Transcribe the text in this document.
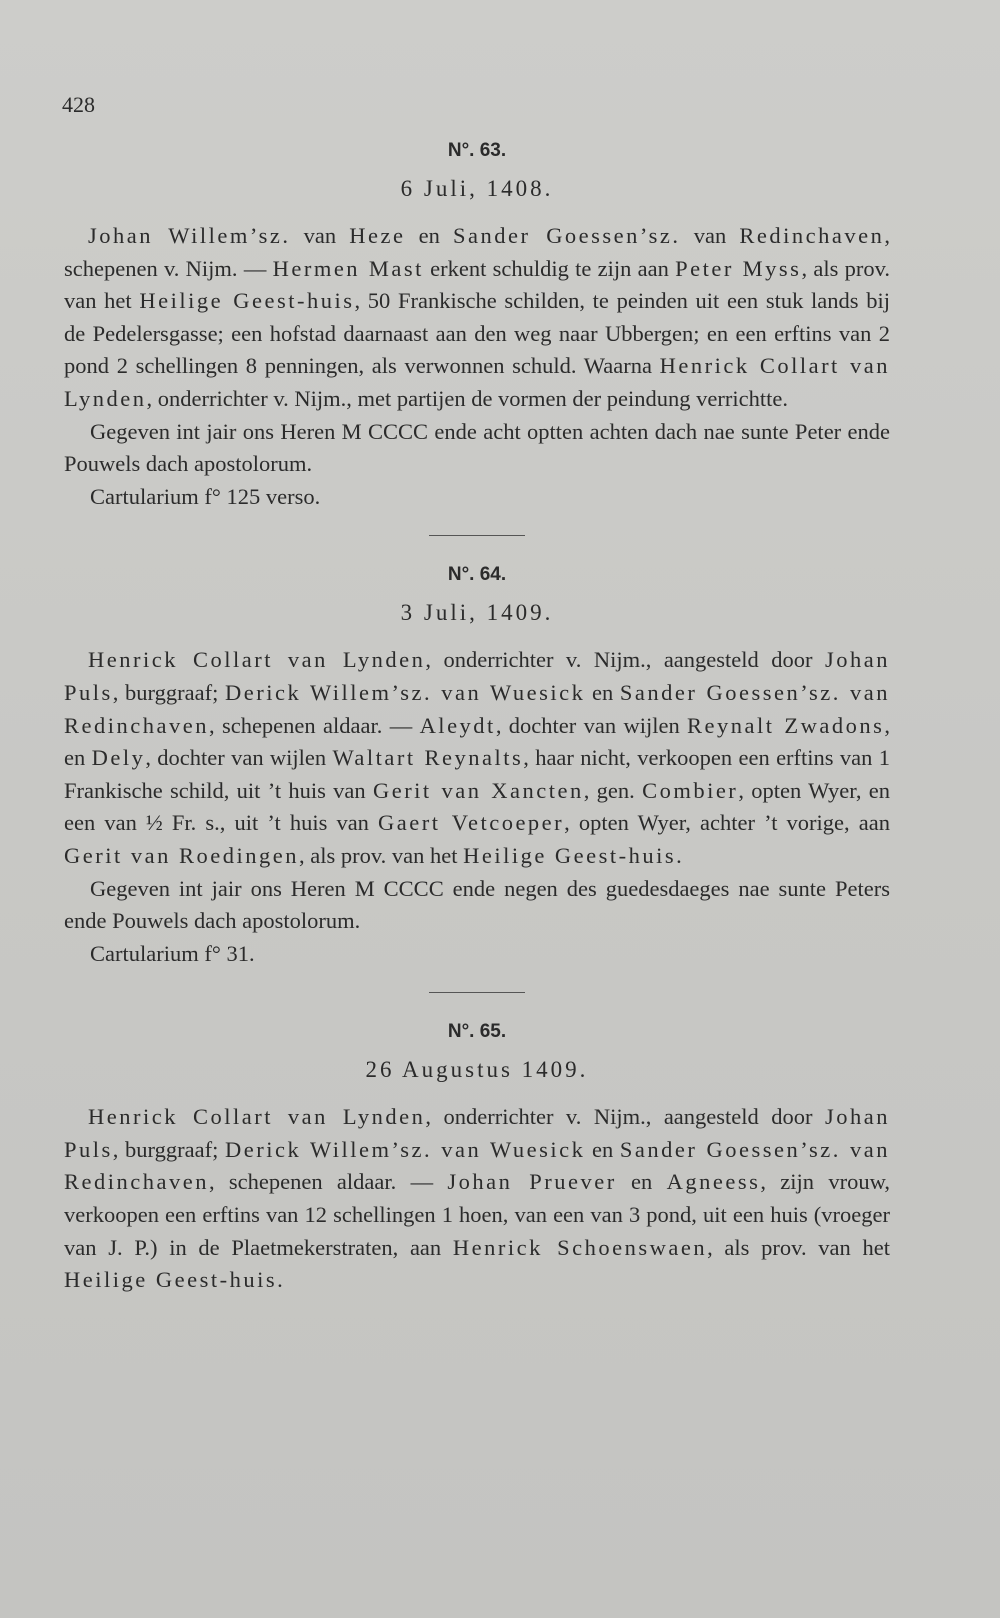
428
N°. 63.
6 Juli, 1408.

Johan Willem’sz. van Heze en Sander Goessen’sz. van Redinchaven, schepenen v. Nijm. — Hermen Mast erkent schuldig te zijn aan Peter Myss, als prov. van het Heilige Geest-huis, 50 Frankische schilden, te peinden uit een stuk lands bij de Pedelersgasse; een hofstad daarnaast aan den weg naar Ubbergen; en een erftins van 2 pond 2 schellingen 8 penningen, als verwonnen schuld. Waarna Henrick Collart van Lynden, onderrichter v. Nijm., met partijen de vormen der peindung verrichtte.

Gegeven int jair ons Heren M CCCC ende acht optten achten dach nae sunte Peter ende Pouwels dach apostolorum.

Cartularium f° 125 verso.

N°. 64.
3 Juli, 1409.

Henrick Collart van Lynden, onderrichter v. Nijm., aangesteld door Johan Puls, burggraaf; Derick Willem’sz. van Wuesick en Sander Goessen’sz. van Redinchaven, schepenen aldaar. — Aleydt, dochter van wijlen Reynalt Zwadons, en Dely, dochter van wijlen Waltart Reynalts, haar nicht, verkoopen een erftins van 1 Frankische schild, uit ’t huis van Gerit van Xancten, gen. Combier, opten Wyer, en een van ½ Fr. s., uit ’t huis van Gaert Vetcoeper, opten Wyer, achter ’t vorige, aan Gerit van Roedingen, als prov. van het Heilige Geest-huis.

Gegeven int jair ons Heren M CCCC ende negen des guedesdaeges nae sunte Peters ende Pouwels dach apostolorum.

Cartularium f° 31.

N°. 65.
26 Augustus 1409.

Henrick Collart van Lynden, onderrichter v. Nijm., aangesteld door Johan Puls, burggraaf; Derick Willem’sz. van Wuesick en Sander Goessen’sz. van Redinchaven, schepenen aldaar. — Johan Pruever en Agneess, zijn vrouw, verkoopen een erftins van 12 schellingen 1 hoen, van een van 3 pond, uit een huis (vroeger van J. P.) in de Plaetmekerstraten, aan Henrick Schoenswaen, als prov. van het Heilige Geest-huis.
